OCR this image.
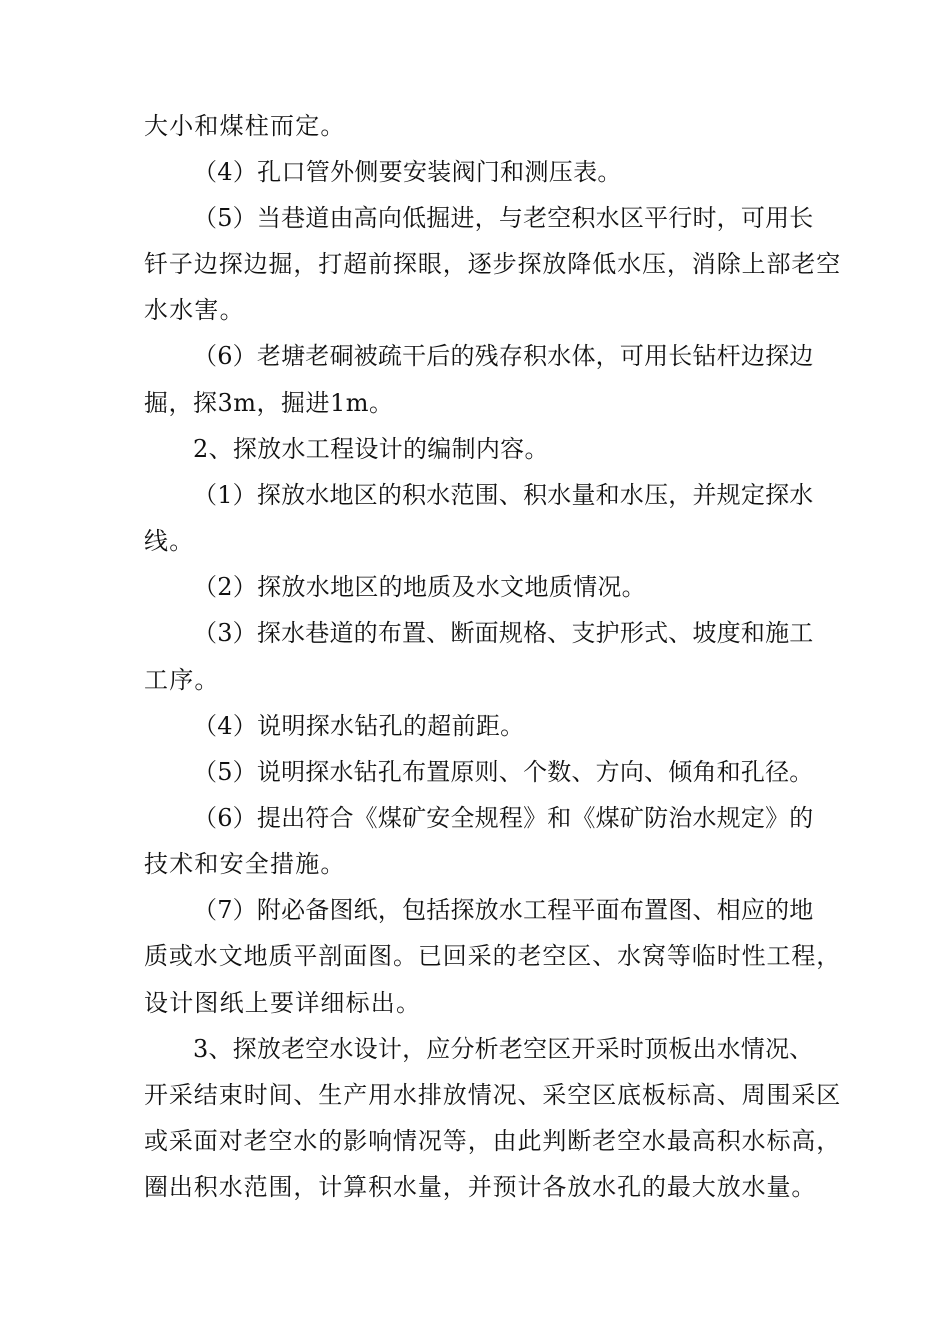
大小和煤柱而定。
（4）孔口管外侧要安装阀门和测压表。
（5）当巷道由高向低掘进，与老空积水区平行时，可用长
钎子边探边掘，打超前探眼，逐步探放降低水压，消除上部老空
水水害。
（6）老塘老硐被疏干后的残存积水体，可用长钻杆边探边
掘，探3m，掘进1m。
2、探放水工程设计的编制内容。
（1）探放水地区的积水范围、积水量和水压，并规定探水
线。
（2）探放水地区的地质及水文地质情况。
（3）探水巷道的布置、断面规格、支护形式、坡度和施工
工序。
（4）说明探水钻孔的超前距。
（5）说明探水钻孔布置原则、个数、方向、倾角和孔径。
（6）提出符合《煤矿安全规程》和《煤矿防治水规定》的
技术和安全措施。
（7）附必备图纸，包括探放水工程平面布置图、相应的地
质或水文地质平剖面图。已回采的老空区、水窝等临时性工程，
设计图纸上要详细标出。
3、探放老空水设计，应分析老空区开采时顶板出水情况、
开采结束时间、生产用水排放情况、采空区底板标高、周围采区
或采面对老空水的影响情况等，由此判断老空水最高积水标高，
圈出积水范围，计算积水量，并预计各放水孔的最大放水量。
